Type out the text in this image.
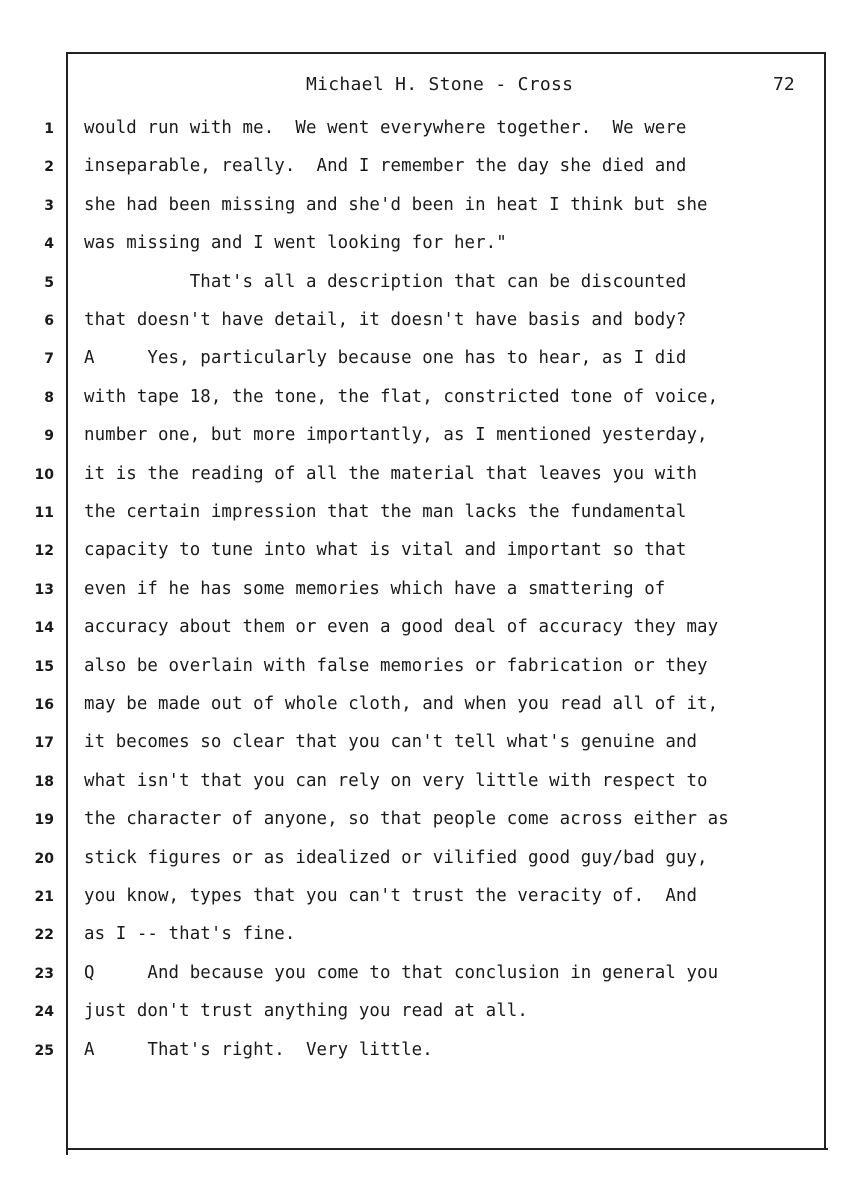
Michael H. Stone - Cross	72
1 would run with me.  We went everywhere together.  We were
2 inseparable, really.  And I remember the day she died and
3 she had been missing and she'd been in heat I think but she
4 was missing and I went looking for her."
5 That's all a description that can be discounted
6 that doesn't have detail, it doesn't have basis and body?
7 A     Yes, particularly because one has to hear, as I did
8 with tape 18, the tone, the flat, constricted tone of voice,
9 number one, but more importantly, as I mentioned yesterday,
10 it is the reading of all the material that leaves you with
11 the certain impression that the man lacks the fundamental
12 capacity to tune into what is vital and important so that
13 even if he has some memories which have a smattering of
14 accuracy about them or even a good deal of accuracy they may
15 also be overlain with false memories or fabrication or they
16 may be made out of whole cloth, and when you read all of it,
17 it becomes so clear that you can't tell what's genuine and
18 what isn't that you can rely on very little with respect to
19 the character of anyone, so that people come across either as
20 stick figures or as idealized or vilified good guy/bad guy,
21 you know, types that you can't trust the veracity of.  And
22 as I -- that's fine.
23 Q     And because you come to that conclusion in general you
24 just don't trust anything you read at all.
25 A     That's right.  Very little.
